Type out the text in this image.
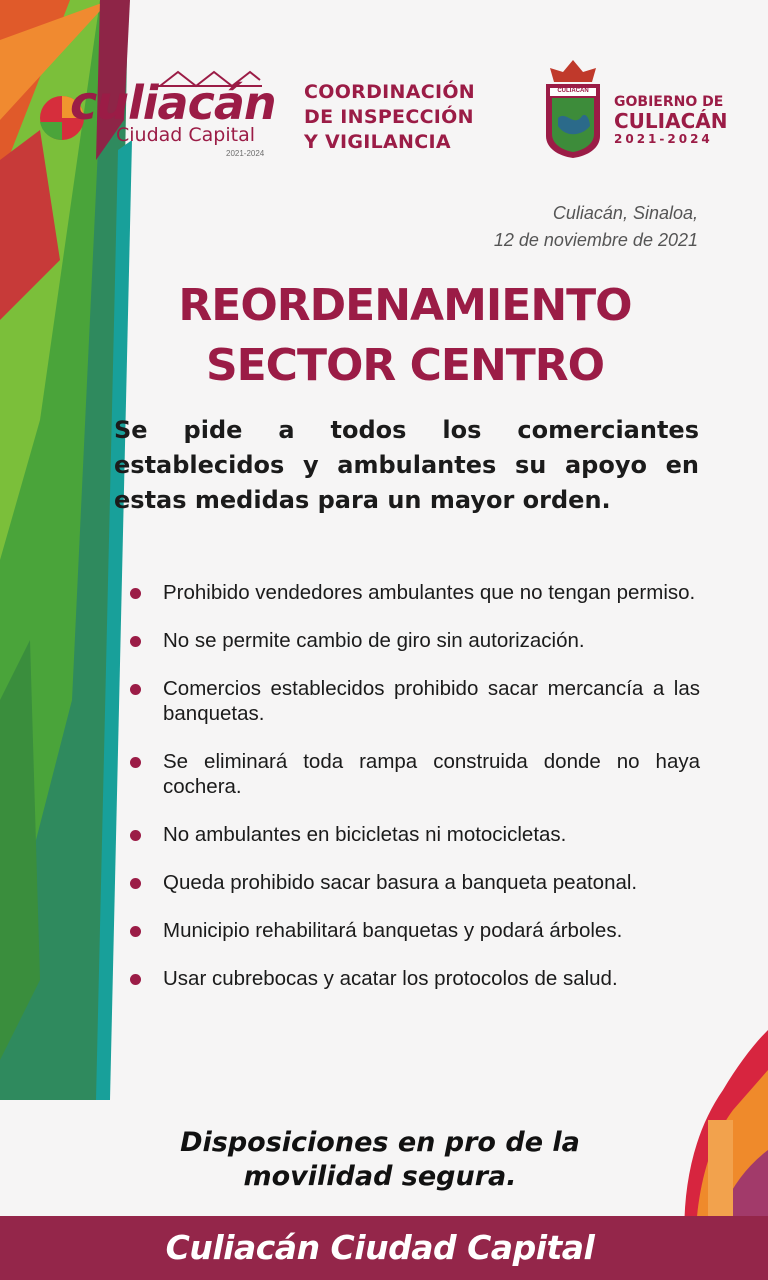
culiacán
Ciudad Capital
2021-2024
COORDINACIÓN
DE INSPECCIÓN
Y VIGILANCIA
CULIACÁN
GOBIERNO DE
CULIACÁN
2021-2024
Culiacán, Sinaloa,
12 de noviembre de 2021
REORDENAMIENTO
SECTOR CENTRO
Se pide a todos los comerciantes establecidos y ambulantes su apoyo en estas medidas para un mayor orden.
Prohibido vendedores ambulantes que no tengan permiso.
No se permite cambio de giro sin autorización.
Comercios establecidos prohibido sacar mercancía a las banquetas.
Se eliminará toda rampa construida donde no haya cochera.
No ambulantes en bicicletas ni motocicletas.
Queda prohibido sacar basura a banqueta peatonal.
Municipio rehabilitará banquetas y podará árboles.
Usar cubrebocas y acatar los protocolos de salud.
Disposiciones en pro de la
movilidad segura.
Culiacán Ciudad Capital
